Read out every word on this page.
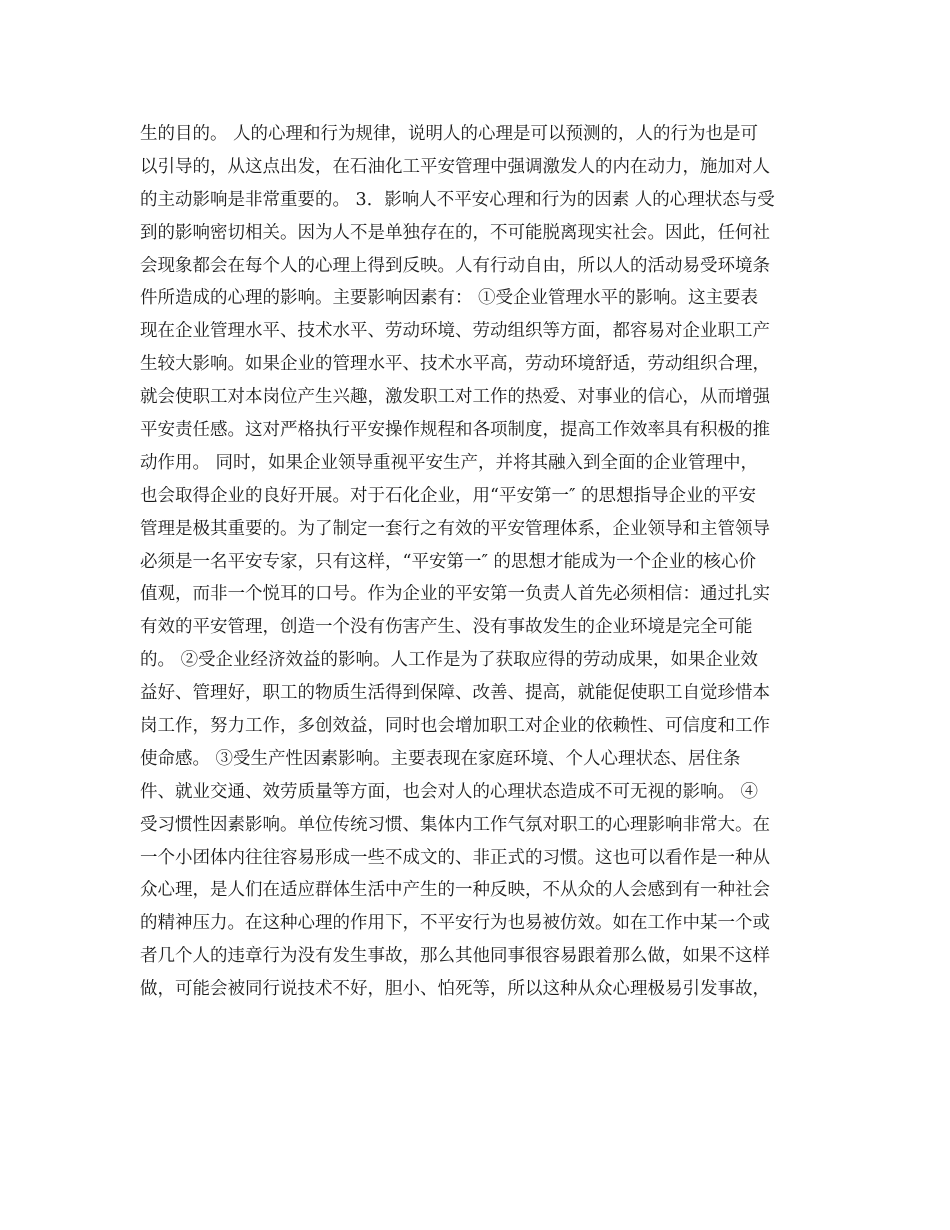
生的目的。 人的心理和行为规律，说明人的心理是可以预测的，人的行为也是可
以引导的，从这点出发，在石油化工平安管理中强调激发人的内在动力，施加对人
的主动影响是非常重要的。 3．影响人不平安心理和行为的因素 人的心理状态与受
到的影响密切相关。因为人不是单独存在的，不可能脱离现实社会。因此，任何社
会现象都会在每个人的心理上得到反映。人有行动自由，所以人的活动易受环境条
件所造成的心理的影响。主要影响因素有： ①受企业管理水平的影响。这主要表
现在企业管理水平、技术水平、劳动环境、劳动组织等方面，都容易对企业职工产
生较大影响。如果企业的管理水平、技术水平高，劳动环境舒适，劳动组织合理，
就会使职工对本岗位产生兴趣，激发职工对工作的热爱、对事业的信心，从而增强
平安责任感。这对严格执行平安操作规程和各项制度，提高工作效率具有积极的推
动作用。 同时，如果企业领导重视平安生产，并将其融入到全面的企业管理中，
也会取得企业的良好开展。对于石化企业，用“平安第一″ 的思想指导企业的平安
管理是极其重要的。为了制定一套行之有效的平安管理体系，企业领导和主管领导
必须是一名平安专家，只有这样，“平安第一″ 的思想才能成为一个企业的核心价
值观，而非一个悦耳的口号。作为企业的平安第一负责人首先必须相信：通过扎实
有效的平安管理，创造一个没有伤害产生、没有事故发生的企业环境是完全可能
的。 ②受企业经济效益的影响。人工作是为了获取应得的劳动成果，如果企业效
益好、管理好，职工的物质生活得到保障、改善、提高，就能促使职工自觉珍惜本
岗工作，努力工作，多创效益，同时也会增加职工对企业的依赖性、可信度和工作
使命感。 ③受生产性因素影响。主要表现在家庭环境、个人心理状态、居住条
件、就业交通、效劳质量等方面，也会对人的心理状态造成不可无视的影响。 ④
受习惯性因素影响。单位传统习惯、集体内工作气氛对职工的心理影响非常大。在
一个小团体内往往容易形成一些不成文的、非正式的习惯。这也可以看作是一种从
众心理，是人们在适应群体生活中产生的一种反映，不从众的人会感到有一种社会
的精神压力。在这种心理的作用下，不平安行为也易被仿效。如在工作中某一个或
者几个人的违章行为没有发生事故，那么其他同事很容易跟着那么做，如果不这样
做，可能会被同行说技术不好，胆小、怕死等，所以这种从众心理极易引发事故，
